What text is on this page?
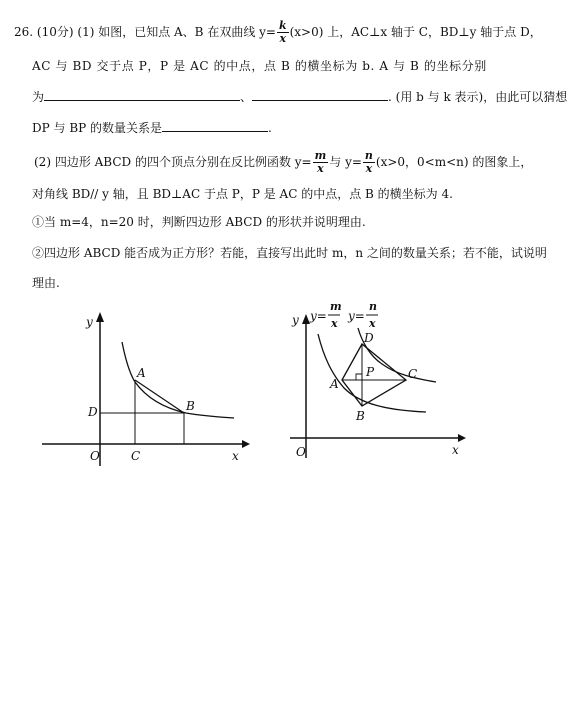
26. (10分) (1) 如图，已知点 A、B 在双曲线 $y= \frac{k}{x} (x>0)$ 上，AC⊥x 轴于 C，BD⊥y 轴于点 D，
AC 与 BD 交于点 P，P 是 AC 的中点，点 B 的横坐标为 b. A 与 B 的坐标分别
为	、	. (用 b 与 k 表示)，由此可以猜想
DP 与 BP 的数量关系是	.
(2) 四边形 ABCD 的四个顶点分别在反比例函数 $y= \frac{m}{x}$ 与 $y= \frac{n}{x} (x>0$，0<m<n) 的图象上，
对角线 BD// y 轴，且 BD⊥AC 于点 P，P 是 AC 的中点，点 B 的横坐标为 4.
①当 m=4，n=20 时，判断四边形 ABCD 的形状并说明理由.
②四边形 ABCD 能否成为正方形？若能，直接写出此时 m，n 之间的数量关系；若不能，试说明
理由.
y
x
O
A
B
C
D
y
x
O
A
B
C
D
P
y=
m
x
y=
n
x
